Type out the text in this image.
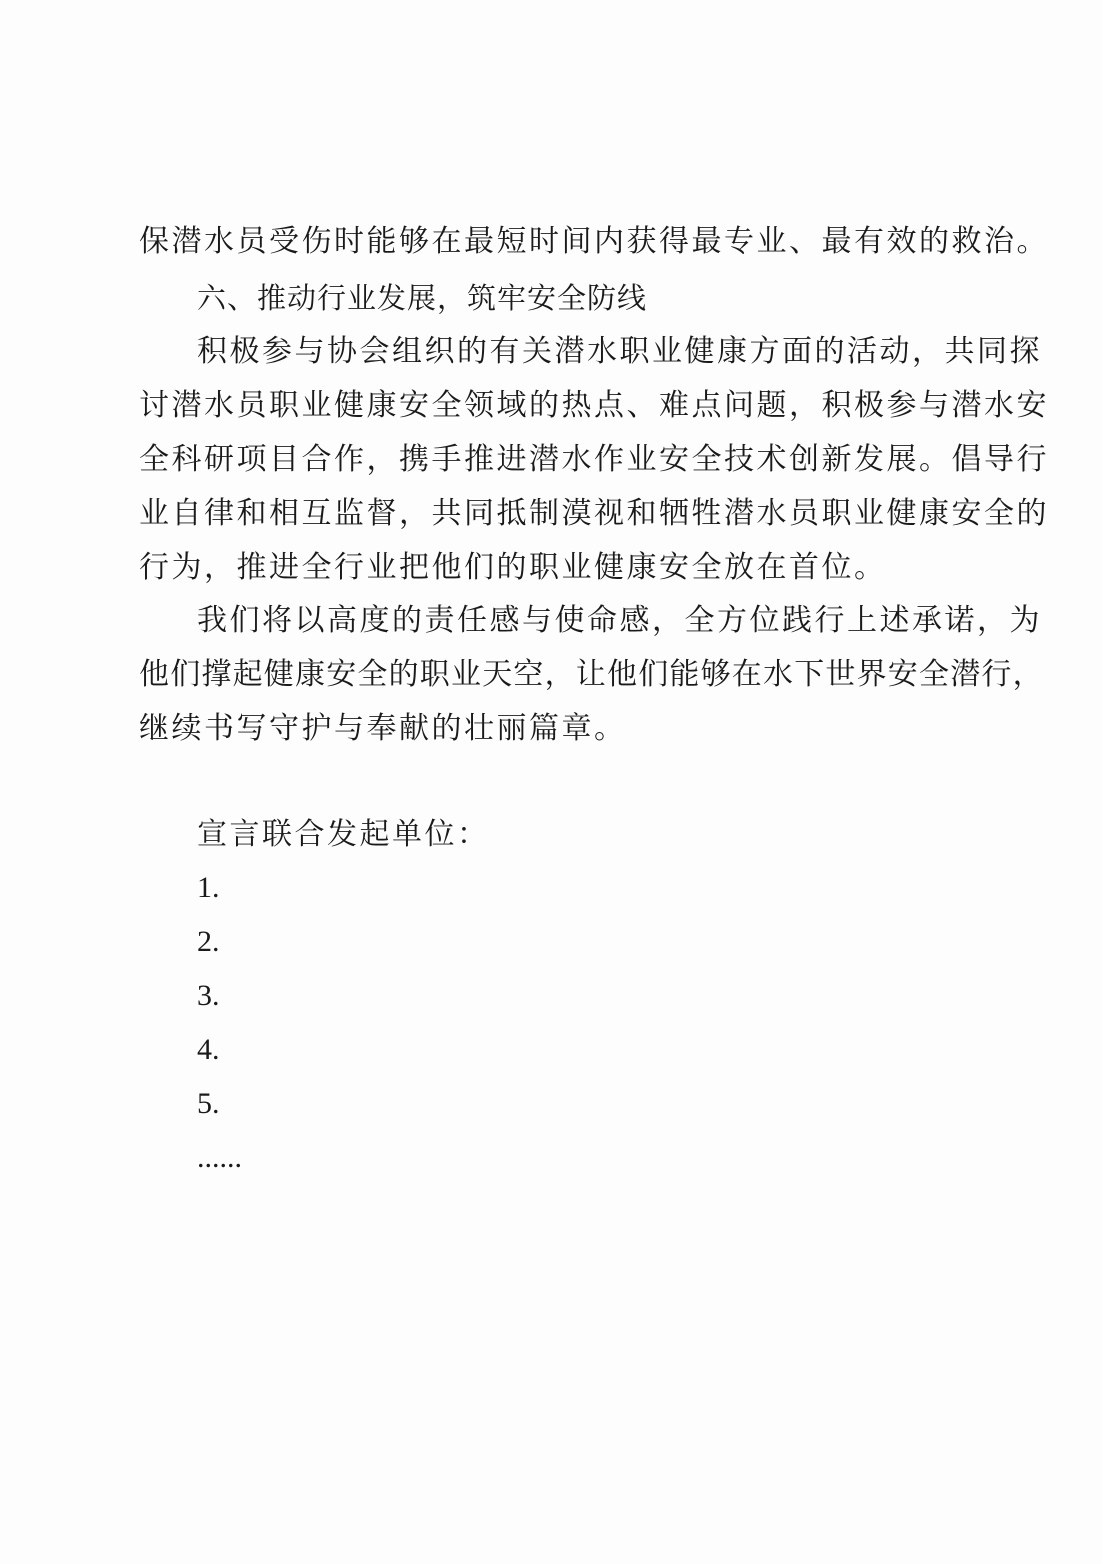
保潜水员受伤时能够在最短时间内获得最专业、最有效的救治。
六、推动行业发展，筑牢安全防线
积极参与协会组织的有关潜水职业健康方面的活动，共同探
讨潜水员职业健康安全领域的热点、难点问题，积极参与潜水安
全科研项目合作，携手推进潜水作业安全技术创新发展。倡导行
业自律和相互监督，共同抵制漠视和牺牲潜水员职业健康安全的
行为，推进全行业把他们的职业健康安全放在首位。
我们将以高度的责任感与使命感，全方位践行上述承诺，为
他们撑起健康安全的职业天空，让他们能够在水下世界安全潜行，
继续书写守护与奉献的壮丽篇章。
宣言联合发起单位：
1.
2.
3.
4.
5.
......
